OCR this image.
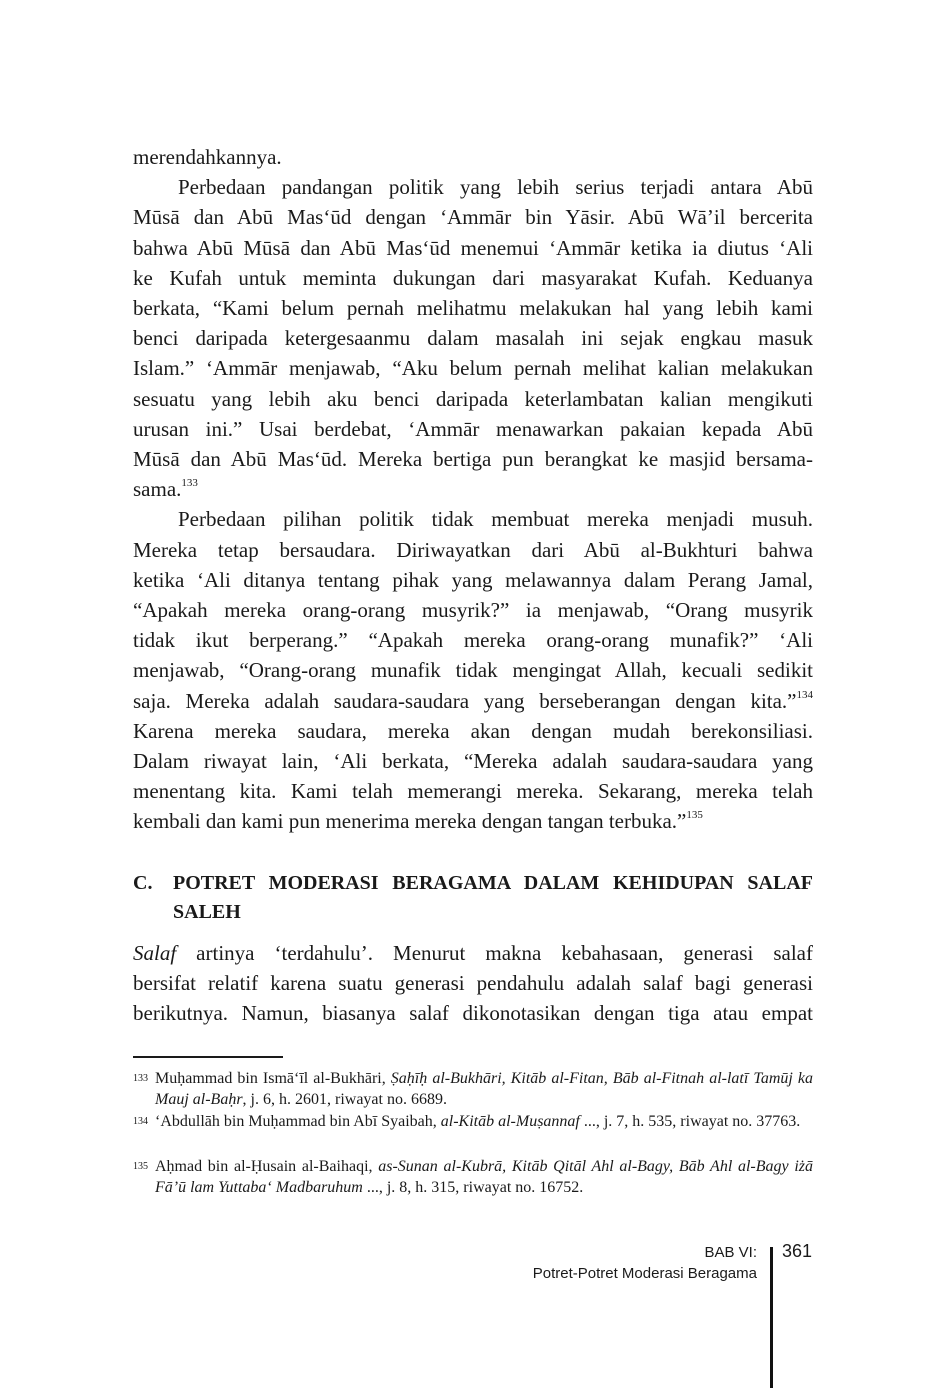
merendahkannya.
Perbedaan pandangan politik yang lebih serius terjadi antara Abū
Mūsā dan Abū Mas‘ūd dengan ‘Ammār bin Yāsir. Abū Wā’il bercerita
bahwa Abū Mūsā dan Abū Mas‘ūd menemui ‘Ammār ketika ia diutus ‘Ali
ke Kufah untuk meminta dukungan dari masyarakat Kufah. Keduanya
berkata, “Kami belum pernah melihatmu melakukan hal yang lebih kami
benci daripada ketergesaanmu dalam masalah ini sejak engkau masuk
Islam.” ‘Ammār menjawab, “Aku belum pernah melihat kalian melakukan
sesuatu yang lebih aku benci daripada keterlambatan kalian mengikuti
urusan ini.” Usai berdebat, ‘Ammār menawarkan pakaian kepada Abū
Mūsā dan Abū Mas‘ūd. Mereka bertiga pun berangkat ke masjid bersama-
sama.$^{133}$
Perbedaan pilihan politik tidak membuat mereka menjadi musuh.
Mereka tetap bersaudara. Diriwayatkan dari Abū al-Bukhturi bahwa
ketika ‘Ali ditanya tentang pihak yang melawannya dalam Perang Jamal,
“Apakah mereka orang-orang musyrik?” ia menjawab, “Orang musyrik
tidak ikut berperang.” “Apakah mereka orang-orang munafik?” ‘Ali
menjawab, “Orang-orang munafik tidak mengingat Allah, kecuali sedikit
saja. Mereka adalah saudara-saudara yang berseberangan dengan kita.”$^{134}$
Karena mereka saudara, mereka akan dengan mudah berekonsiliasi.
Dalam riwayat lain, ‘Ali berkata, “Mereka adalah saudara-saudara yang
menentang kita. Kami telah memerangi mereka. Sekarang, mereka telah
kembali dan kami pun menerima mereka dengan tangan terbuka.”$^{135}$
C. POTRET MODERASI BERAGAMA DALAM KEHIDUPAN SALAF
SALEH
Salaf artinya ‘terdahulu’. Menurut makna kebahasaan, generasi salaf
bersifat relatif karena suatu generasi pendahulu adalah salaf bagi generasi
berikutnya. Namun, biasanya salaf dikonotasikan dengan tiga atau empat
133 Muḥammad bin Ismā‘īl al-Bukhāri, Ṣaḥīḥ al-Bukhāri, Kitāb al-Fitan, Bāb al-Fitnah al-latī Tamūj ka Mauj al-Baḥr, j. 6, h. 2601, riwayat no. 6689.
134 ‘Abdullāh bin Muḥammad bin Abī Syaibah, al-Kitāb al-Muṣannaf ..., j. 7, h. 535, riwayat no. 37763.
135 Aḥmad bin al-Ḥusain al-Baihaqi, as-Sunan al-Kubrā, Kitāb Qitāl Ahl al-Bagy, Bāb Ahl al-Bagy iżā Fā’ū lam Yuttaba‘ Madbaruhum ..., j. 8, h. 315, riwayat no. 16752.
BAB VI:
Potret-Potret Moderasi Beragama
361
